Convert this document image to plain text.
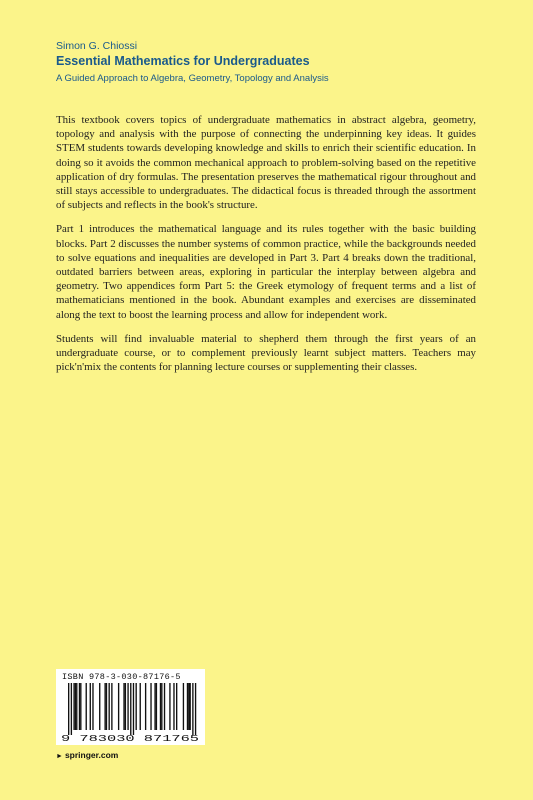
Simon G. Chiossi
Essential Mathematics for Undergraduates
A Guided Approach to Algebra, Geometry, Topology and Analysis

This textbook covers topics of undergraduate mathematics in abstract algebra, geometry, topology and analysis with the purpose of connecting the underpinning key ideas. It guides STEM students towards developing knowledge and skills to enrich their scientific education. In doing so it avoids the common mechanical approach to problem-solving based on the repetitive application of dry formulas. The presentation preserves the mathematical rigour throughout and still stays accessible to undergraduates. The didactical focus is threaded through the assortment of subjects and reflects in the book's structure.

Part 1 introduces the mathematical language and its rules together with the basic building blocks. Part 2 discusses the number systems of common practice, while the backgrounds needed to solve equations and inequalities are developed in Part 3. Part 4 breaks down the traditional, outdated barriers between areas, exploring in particular the interplay between algebra and geometry. Two appendices form Part 5: the Greek etymology of frequent terms and a list of mathematicians mentioned in the book. Abundant examples and exercises are disseminated along the text to boost the learning process and allow for independent work.

Students will find invaluable material to shepherd them through the first years of an undergraduate course, or to complement previously learnt subject matters. Teachers may pick'n'mix the contents for planning lecture courses or supplementing their classes.

ISBN 978-3-030-87176-5
9 783030 871765
► springer.com
